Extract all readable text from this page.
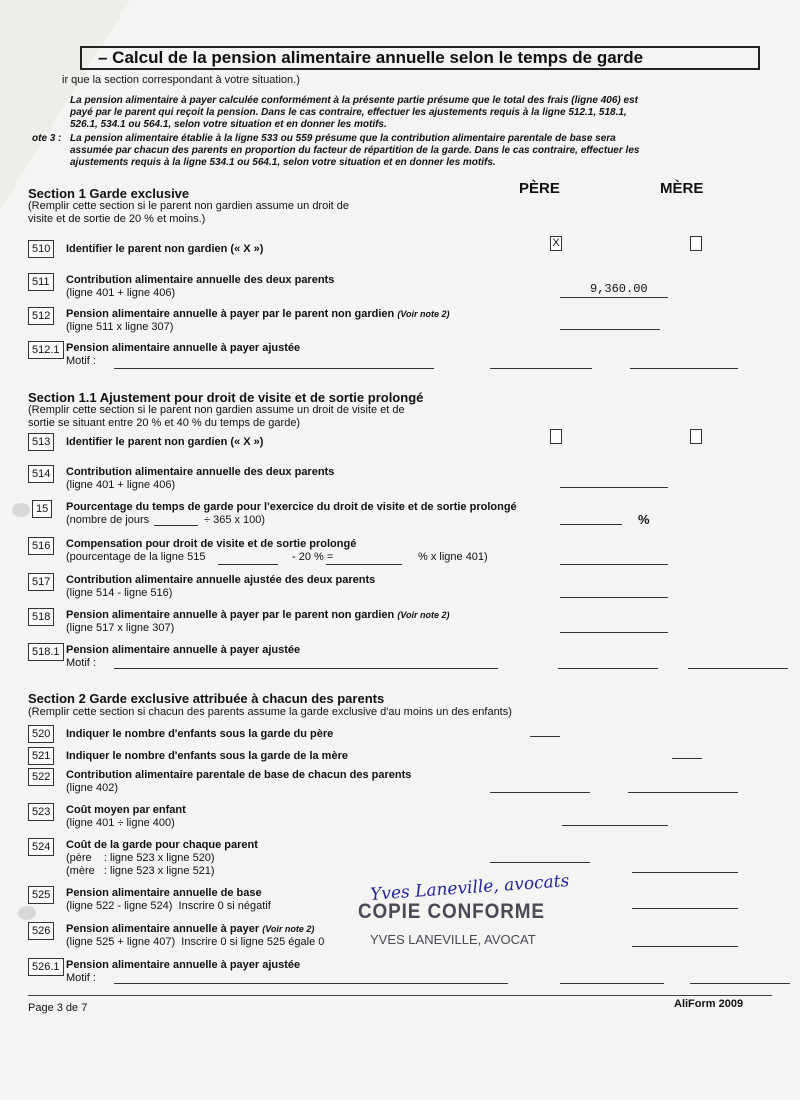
– Calcul de la pension alimentaire annuelle selon le temps de garde
ir que la section correspondant à votre situation.)
La pension alimentaire à payer calculée conformément à la présente partie présume que le total des frais (ligne 406) est payé par le parent qui reçoit la pension. Dans le cas contraire, effectuer les ajustements requis à la ligne 512.1, 518.1, 526.1, 534.1 ou 564.1, selon votre situation et en donner les motifs.
ote 3 : La pension alimentaire établie à la ligne 533 ou 559 présume que la contribution alimentaire parentale de base sera assumée par chacun des parents en proportion du facteur de répartition de la garde. Dans le cas contraire, effectuer les ajustements requis à la ligne 534.1 ou 564.1, selon votre situation et en donner les motifs.
Section 1 Garde exclusive
(Remplir cette section si le parent non gardien assume un droit de visite et de sortie de 20 % et moins.)
PÈRE	MÈRE
510	Identifier le parent non gardien (« X »)	X
511	Contribution alimentaire annuelle des deux parents
(ligne 401 + ligne 406)	9,360.00
512	Pension alimentaire annuelle à payer par le parent non gardien (Voir note 2)
(ligne 511 x ligne 307)
512.1 Pension alimentaire annuelle à payer ajustée
Motif :
Section 1.1 Ajustement pour droit de visite et de sortie prolongé
(Remplir cette section si le parent non gardien assume un droit de visite et de sortie se situant entre 20 % et 40 % du temps de garde)
513	Identifier le parent non gardien (« X »)
514	Contribution alimentaire annuelle des deux parents
(ligne 401 + ligne 406)
15	Pourcentage du temps de garde pour l'exercice du droit de visite et de sortie prolongé
(nombre de jours	÷ 365 x 100)	%
516	Compensation pour droit de visite et de sortie prolongé
(pourcentage de la ligne 515	- 20 % =	% x ligne 401)
517	Contribution alimentaire annuelle ajustée des deux parents
(ligne 514 - ligne 516)
518	Pension alimentaire annuelle à payer par le parent non gardien (Voir note 2)
(ligne 517 x ligne 307)
518.1 Pension alimentaire annuelle à payer ajustée
Motif :
Section 2 Garde exclusive attribuée à chacun des parents
(Remplir cette section si chacun des parents assume la garde exclusive d'au moins un des enfants)
520	Indiquer le nombre d'enfants sous la garde du père
521	Indiquer le nombre d'enfants sous la garde de la mère
522	Contribution alimentaire parentale de base de chacun des parents
(ligne 402)
523	Coût moyen par enfant
(ligne 401 ÷ ligne 400)
524	Coût de la garde pour chaque parent
(père    : ligne 523 x ligne 520)
(mère   : ligne 523 x ligne 521)
525	Pension alimentaire annuelle de base
(ligne 522 - ligne 524)  Inscrire 0 si négatif
526	Pension alimentaire annuelle à payer (Voir note 2)
(ligne 525 + ligne 407)  Inscrire 0 si ligne 525 égale 0
526.1 Pension alimentaire annuelle à payer ajustée
Motif :
Yves Laneville, avocats
COPIE CONFORME
YVES LANEVILLE, AVOCAT
Page 3 de 7	AliForm 2009
